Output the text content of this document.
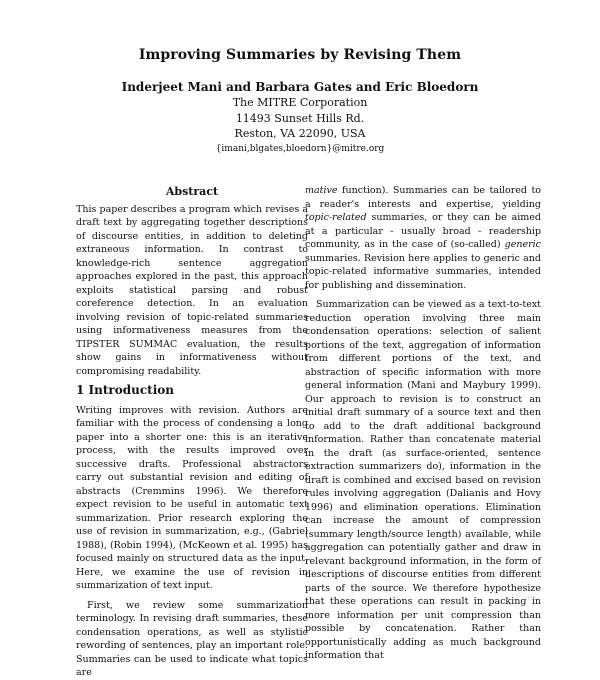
Improving Summaries by Revising Them
Inderjeet Mani and Barbara Gates and Eric Bloedorn
The MITRE Corporation
11493 Sunset Hills Rd.
Reston, VA 22090, USA
{imani,blgates,bloedorn}@mitre.org
Abstract

This paper describes a program which revises a draft text by aggregating together descriptions of discourse entities, in addition to deleting extraneous information. In contrast to knowledge-rich sentence aggregation approaches explored in the past, this approach exploits statistical parsing and robust coreference detection. In an evaluation involving revision of topic-related summaries using informativeness measures from the TIPSTER SUMMAC evaluation, the results show gains in informativeness without compromising readability.

1 Introduction

Writing improves with revision. Authors are familiar with the process of condensing a long paper into a shorter one: this is an iterative process, with the results improved over successive drafts. Professional abstractors carry out substantial revision and editing of abstracts (Cremmins 1996). We therefore expect revision to be useful in automatic text summarization. Prior research exploring the use of revision in summarization, e.g., (Gabriel 1988), (Robin 1994), (McKeown et al. 1995) has focused mainly on structured data as the input. Here, we examine the use of revision in summarization of text input.

First, we review some summarization terminology. In revising draft summaries, these condensation operations, as well as stylistic rewording of sentences, play an important role. Summaries can be used to indicate what topics are

mative function). Summaries can be tailored to a reader's interests and expertise, yielding topic-related summaries, or they can be aimed at a particular - usually broad - readership community, as in the case of (so-called) generic summaries. Revision here applies to generic and topic-related informative summaries, intended for publishing and dissemination.

Summarization can be viewed as a text-to-text reduction operation involving three main condensation operations: selection of salient portions of the text, aggregation of information from different portions of the text, and abstraction of specific information with more general information (Mani and Maybury 1999). Our approach to revision is to construct an initial draft summary of a source text and then to add to the draft additional background information. Rather than concatenate material in the draft (as surface-oriented, sentence extraction summarizers do), information in the draft is combined and excised based on revision rules involving aggregation (Dalianis and Hovy 1996) and elimination operations. Elimination can increase the amount of compression (summary length/source length) available, while aggregation can potentially gather and draw in relevant background information, in the form of descriptions of discourse entities from different parts of the source. We therefore hypothesize that these operations can result in packing in more information per unit compression than possible by concatenation. Rather than opportunistically adding as much background information that
